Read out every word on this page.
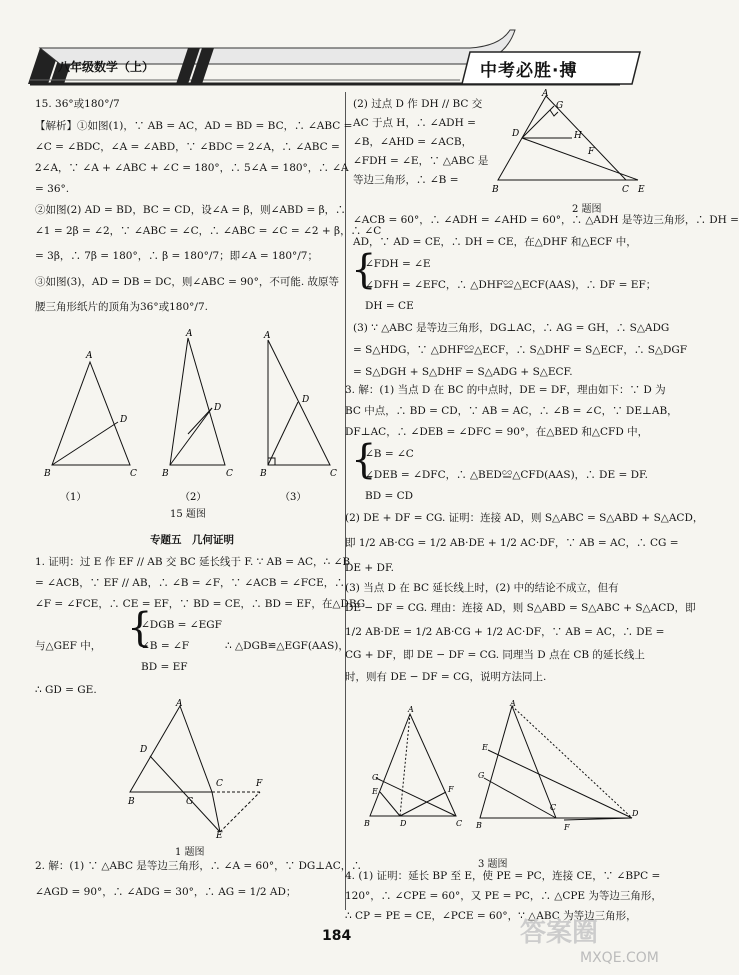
八年级数学（上）	中考必胜·搏
15. 36°或180°/7
【解析】①如图(1)，∵ AB = AC，AD = BD = BC，∴ ∠ABC =
∠C = ∠BDC，∠A = ∠ABD，∵ ∠BDC = 2∠A，∴ ∠ABC =
2∠A，∵ ∠A + ∠ABC + ∠C = 180°，∴ 5∠A = 180°，∴ ∠A
= 36°.
②如图(2) AD = BD，BC = CD，设∠A = β，则∠ABD = β，∴
∠1 = 2β = ∠2，∵ ∠ABC = ∠C，∴ ∠ABC = ∠C = ∠2 + β，∴ ∠C
= 3β，∴ 7β = 180°，∴ β = 180°/7；即∠A = 180°/7；
③如图(3)，AD = DB = DC，则∠ABC = 90°，不可能. 故原等
腰三角形纸片的顶角为36°或180°/7.
A
B	C
D
A
B	C
D
A
B	C
D
（1）	（2）	（3）
15 题图
专题五　几何证明
1. 证明：过 E 作 EF // AB 交 BC 延长线于 F. ∵ AB = AC，∴ ∠B
= ∠ACB，∵ EF // AB，∴ ∠B = ∠F，∵ ∠ACB = ∠FCE，∴
∠F = ∠FCE，∴ CE = EF，∵ BD = CE，∴ BD = EF，在△DBG
与△GEF 中， {
∠DGB = ∠EGF
∠B = ∠F
BD = EF
∴ △DGB≌△EGF(AAS)，
∴ GD = GE.
A
B
C
D
G
F
E
1 题图
2. 解：(1) ∵ △ABC 是等边三角形，∴ ∠A = 60°，∵ DG⊥AC，∴
∠AGD = 90°，∴ ∠ADG = 30°，∴ AG = 1/2 AD；
(2) 过点 D 作 DH // BC 交
AC 于点 H，∴ ∠ADH =
∠B，∠AHD = ∠ACB，
∠FDH = ∠E，∵ △ABC 是
等边三角形，∴ ∠B =
∠ACB = 60°，∴ ∠ADH = ∠AHD = 60°，∴ △ADH 是等边三角形，∴ DH =
AD，∵ AD = CE，∴ DH = CE，在△DHF 和△ECF 中，
{
∠FDH = ∠E
∠DFH = ∠EFC，∴ △DHF≌△ECF(AAS)，∴ DF = EF；
DH = CE
(3) ∵ △ABC 是等边三角形，DG⊥AC，∴ AG = GH，∴ S△ADG
= S△HDG，∵ △DHF≌△ECF，∴ S△DHF = S△ECF，∴ S△DGF
= S△DGH + S△DHF = S△ADG + S△ECF.
A
B	C
D
E
F
G
H
2 题图
3. 解：(1) 当点 D 在 BC 的中点时，DE = DF，理由如下：∵ D 为
BC 中点，∴ BD = CD，∵ AB = AC，∴ ∠B = ∠C，∵ DE⊥AB，
DF⊥AC，∴ ∠DEB = ∠DFC = 90°，在△BED 和△CFD 中，
{
∠B = ∠C
∠DEB = ∠DFC，∴ △BED≌△CFD(AAS)，∴ DE = DF.
BD = CD
(2) DE + DF = CG. 证明：连接 AD，则 S△ABC = S△ABD + S△ACD，
即 1/2 AB·CG = 1/2 AB·DE + 1/2 AC·DF，∵ AB = AC，∴ CG =
DE + DF.
(3) 当点 D 在 BC 延长线上时，(2) 中的结论不成立，但有
DE − DF = CG. 理由：连接 AD，则 S△ABD = S△ABC + S△ACD，即
1/2 AB·DE = 1/2 AB·CG + 1/2 AC·DF，∵ AB = AC，∴ DE =
CG + DF，即 DE − DF = CG. 同理当 D 点在 CB 的延长线上
时，则有 DE − DF = CG，说明方法同上.
A
B	D	C
G
E	F
A
B
C
D
E
G
F
3 题图
4. (1) 证明：延长 BP 至 E，使 PE = PC，连接 CE，∵ ∠BPC =
120°，∴ ∠CPE = 60°，又 PE = PC，∴ △CPE 为等边三角形，
∴ CP = PE = CE，∠PCE = 60°，∵ △ABC 为等边三角形，
184	答案圈
MXQE.COM
